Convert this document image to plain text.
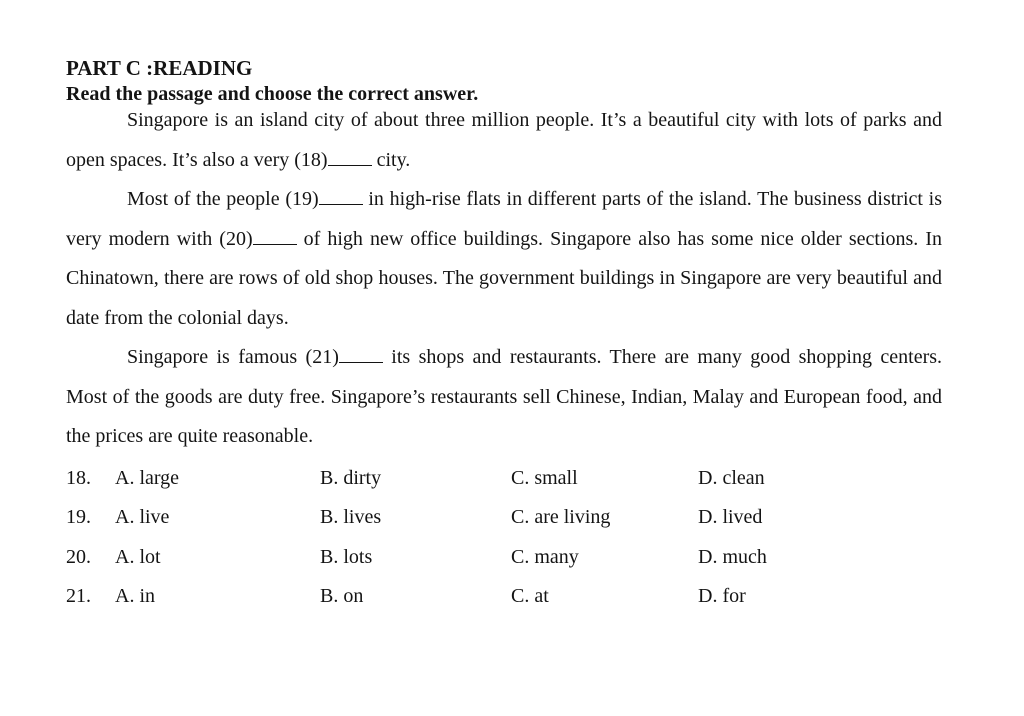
PART C :READING
Read the passage and choose the correct answer.

Singapore is an island city of about three million people. It’s a beautiful city with lots of parks and open spaces. It’s also a very (18) city.

Most of the people (19) in high-rise flats in different parts of the island. The business district is very modern with (20) of high new office buildings. Singapore also has some nice older sections. In Chinatown, there are rows of old shop houses. The government buildings in Singapore are very beautiful and date from the colonial days.

Singapore is famous (21) its shops and restaurants. There are many good shopping centers. Most of the goods are duty free. Singapore’s restaurants sell Chinese, Indian, Malay and European food, and the prices are quite reasonable.

18.	A. large	B. dirty	C. small	D. clean
19.	A. live	B. lives	C. are living	D. lived
20.	A. lot	B. lots	C. many	D. much
21.	A. in	B. on	C. at	D. for
